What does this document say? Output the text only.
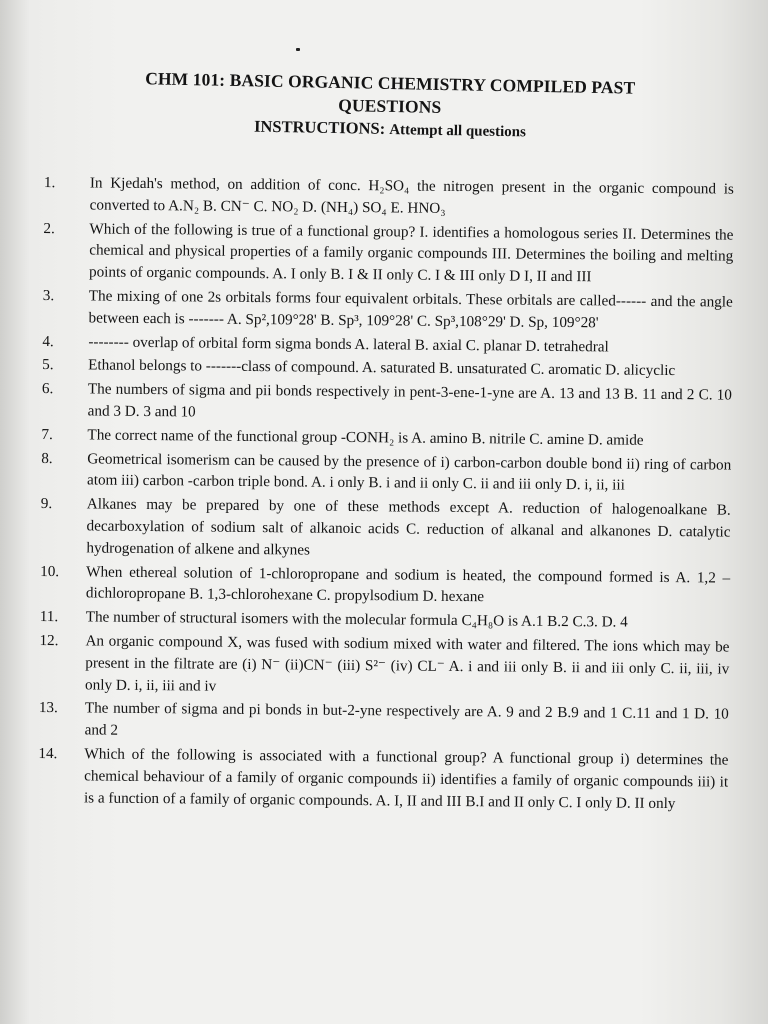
CHM 101: BASIC ORGANIC CHEMISTRY COMPILED PAST
QUESTIONS
INSTRUCTIONS: Attempt all questions
1.	In Kjedah's method, on addition of conc. H₂SO₄ the nitrogen present in the organic compound is converted to A.N₂ B. CN⁻ C. NO₂ D. (NH₄) SO₄ E. HNO₃
2.	Which of the following is true of a functional group? I. identifies a homologous series II. Determines the chemical and physical properties of a family organic compounds III. Determines the boiling and melting points of organic compounds. A. I only B. I & II only C. I & III only D I, II and III
3.	The mixing of one 2s orbitals forms four equivalent orbitals. These orbitals are called------ and the angle between each is ------- A. Sp²,109°28' B. Sp³, 109°28' C. Sp³,108°29' D. Sp, 109°28'
4.	-------- overlap of orbital form sigma bonds A. lateral B. axial C. planar D. tetrahedral
5.	Ethanol belongs to -------class of compound. A. saturated B. unsaturated C. aromatic D. alicyclic
6.	The numbers of sigma and pii bonds respectively in pent-3-ene-1-yne are A. 13 and 13 B. 11 and 2 C. 10 and 3 D. 3 and 10
7.	The correct name of the functional group -CONH₂ is A. amino B. nitrile C. amine D. amide
8.	Geometrical isomerism can be caused by the presence of i) carbon-carbon double bond ii) ring of carbon atom iii) carbon -carbon triple bond. A. i only B. i and ii only C. ii and iii only D. i, ii, iii
9.	Alkanes may be prepared by one of these methods except A. reduction of halogenoalkane B. decarboxylation of sodium salt of alkanoic acids C. reduction of alkanal and alkanones D. catalytic hydrogenation of alkene and alkynes
10.	When ethereal solution of 1-chloropropane and sodium is heated, the compound formed is A. 1,2 – dichloropropane B. 1,3-chlorohexane C. propylsodium D. hexane
11.	The number of structural isomers with the molecular formula C₄H₈O is A.1 B.2 C.3. D. 4
12.	An organic compound X, was fused with sodium mixed with water and filtered. The ions which may be present in the filtrate are (i) N⁻ (ii)CN⁻ (iii) S²⁻ (iv) CL⁻ A. i and iii only B. ii and iii only C. ii, iii, iv only D. i, ii, iii and iv
13.	The number of sigma and pi bonds in but-2-yne respectively are A. 9 and 2 B.9 and 1 C.11 and 1 D. 10 and 2
14.	Which of the following is associated with a functional group? A functional group i) determines the chemical behaviour of a family of organic compounds ii) identifies a family of organic compounds iii) it is a function of a family of organic compounds. A. I, II and III B.I and II only C. I only D. II only
